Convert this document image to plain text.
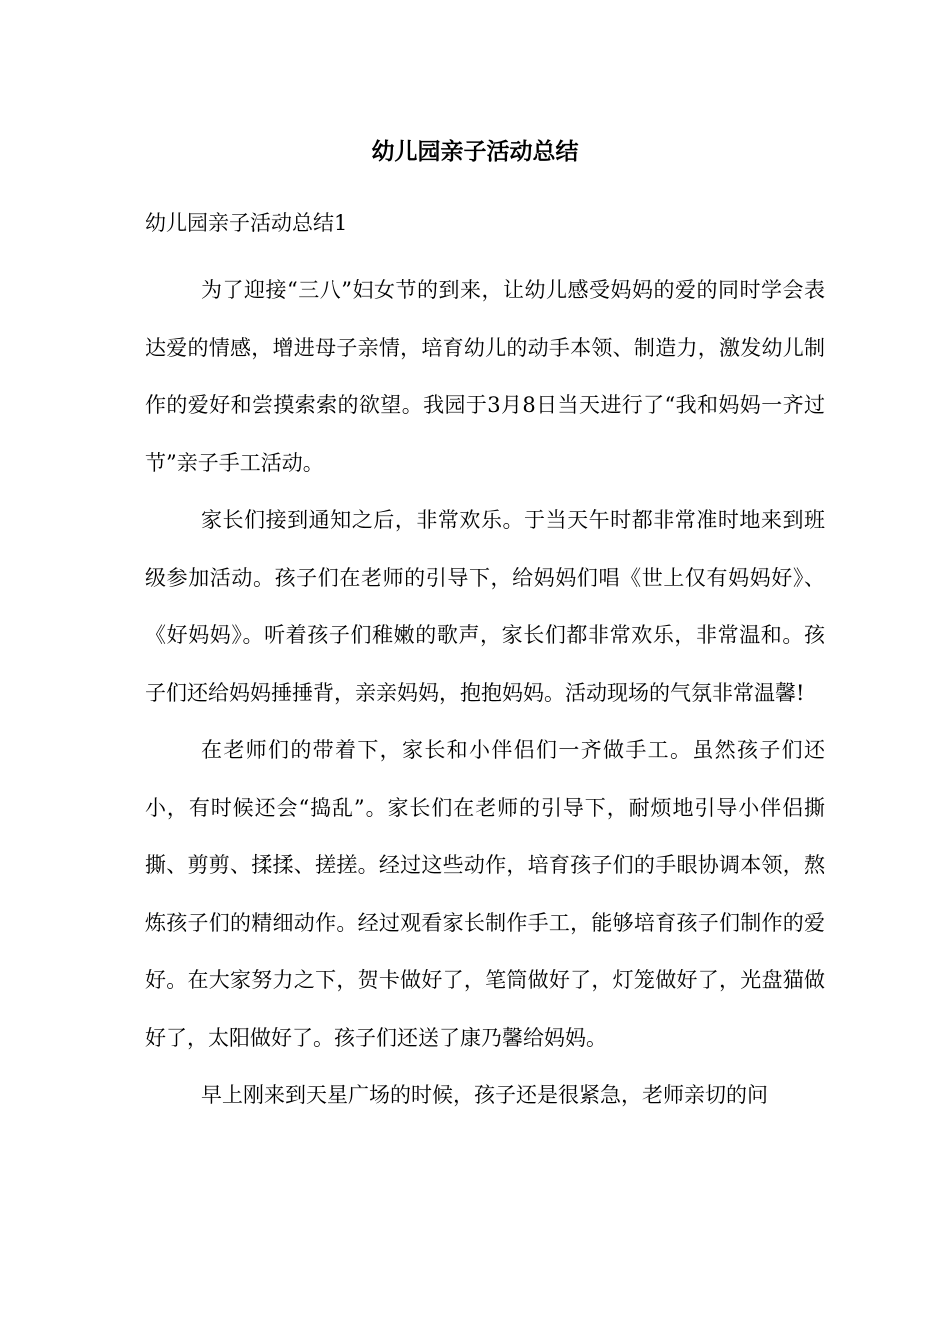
幼儿园亲子活动总结

幼儿园亲子活动总结1

为了迎接“三八”妇女节的到来，让幼儿感受妈妈的爱的同时学会表达爱的情感，增进母子亲情，培育幼儿的动手本领、制造力，激发幼儿制作的爱好和尝摸索索的欲望。我园于3月8日当天进行了“我和妈妈一齐过节”亲子手工活动。

家长们接到通知之后，非常欢乐。于当天午时都非常准时地来到班级参加活动。孩子们在老师的引导下，给妈妈们唱《世上仅有妈妈好》、《好妈妈》。听着孩子们稚嫩的歌声，家长们都非常欢乐，非常温和。孩子们还给妈妈捶捶背，亲亲妈妈，抱抱妈妈。活动现场的气氛非常温馨!

在老师们的带着下，家长和小伴侣们一齐做手工。虽然孩子们还小，有时候还会“捣乱”。家长们在老师的引导下，耐烦地引导小伴侣撕撕、剪剪、揉揉、搓搓。经过这些动作，培育孩子们的手眼协调本领，熬炼孩子们的精细动作。经过观看家长制作手工，能够培育孩子们制作的爱好。在大家努力之下，贺卡做好了，笔筒做好了，灯笼做好了，光盘猫做好了，太阳做好了。孩子们还送了康乃馨给妈妈。

早上刚来到天星广场的时候，孩子还是很紧急，老师亲切的问
